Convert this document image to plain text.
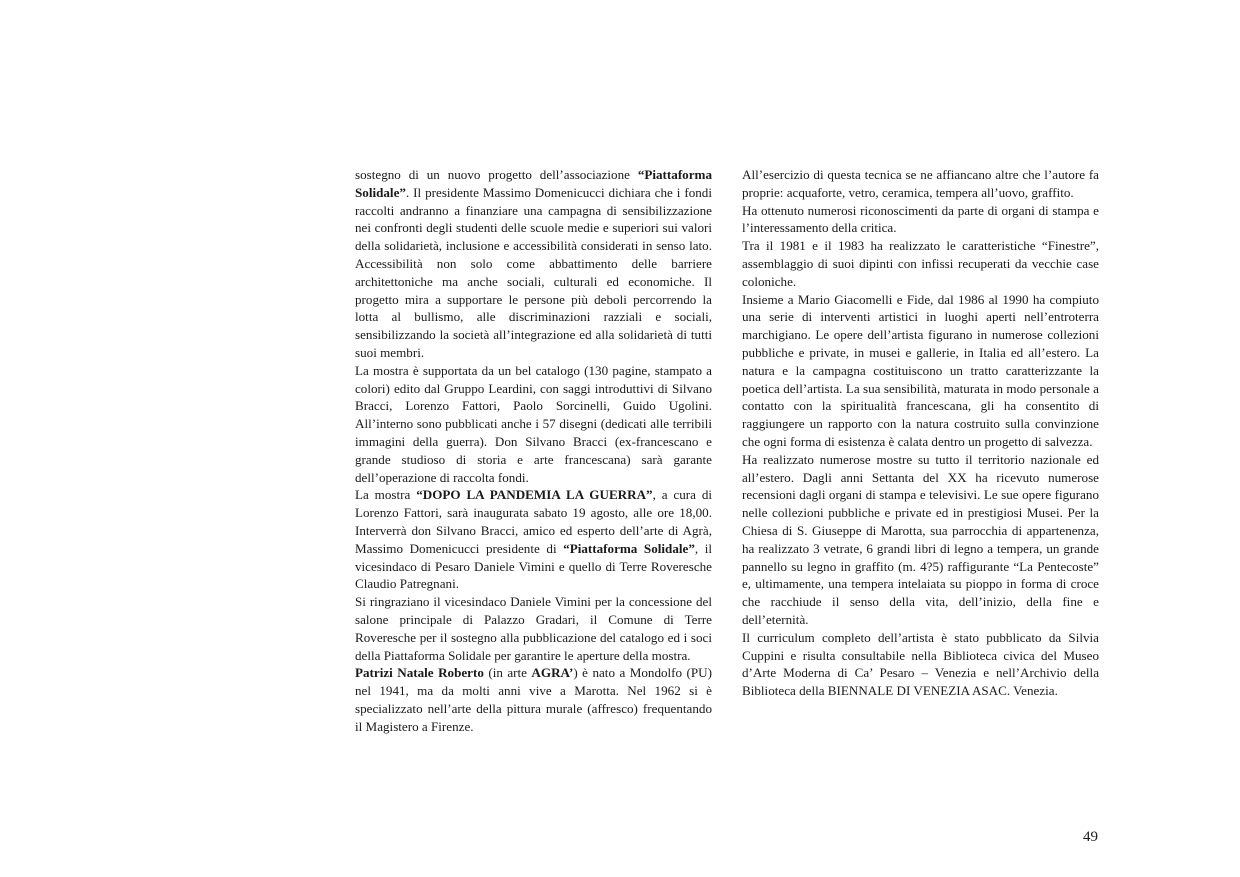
sostegno di un nuovo progetto dell’associazione “Piattaforma Solidale”. Il presidente Massimo Domenicucci dichiara che i fondi raccolti andranno a finanziare una campagna di sensibilizzazione nei confronti degli studenti delle scuole medie e superiori sui valori della solidarietà, inclusione e accessibilità considerati in senso lato. Accessibilità non solo come abbattimento delle barriere architettoniche ma anche sociali, culturali ed economiche. Il progetto mira a supportare le persone più deboli percorrendo la lotta al bullismo, alle discriminazioni razziali e sociali, sensibilizzando la società all’integrazione ed alla solidarietà di tutti suoi membri.

La mostra è supportata da un bel catalogo (130 pagine, stampato a colori) edito dal Gruppo Leardini, con saggi introduttivi di Silvano Bracci, Lorenzo Fattori, Paolo Sorcinelli, Guido Ugolini. All’interno sono pubblicati anche i 57 disegni (dedicati alle terribili immagini della guerra). Don Silvano Bracci (ex-francescano e grande studioso di storia e arte francescana) sarà garante dell’operazione di raccolta fondi.

La mostra “DOPO LA PANDEMIA LA GUERRA”, a cura di Lorenzo Fattori, sarà inaugurata sabato 19 agosto, alle ore 18,00. Interverrà don Silvano Bracci, amico ed esperto dell’arte di Agrà, Massimo Domenicucci presidente di “Piattaforma Solidale”, il vicesindaco di Pesaro Daniele Vimini e quello di Terre Roveresche Claudio Patregnani.

Si ringraziano il vicesindaco Daniele Vimini per la concessione del salone principale di Palazzo Gradari, il Comune di Terre Roveresche per il sostegno alla pubblicazione del catalogo ed i soci della Piattaforma Solidale per garantire le aperture della mostra.

Patrizi Natale Roberto (in arte AGRA’) è nato a Mondolfo (PU) nel 1941, ma da molti anni vive a Marotta. Nel 1962 si è specializzato nell’arte della pittura murale (affresco) frequentando il Magistero a Firenze.

All’esercizio di questa tecnica se ne affiancano altre che l’autore fa proprie: acquaforte, vetro, ceramica, tempera all’uovo, graffito.

Ha ottenuto numerosi riconoscimenti da parte di organi di stampa e l’interessamento della critica.

Tra il 1981 e il 1983 ha realizzato le caratteristiche “Finestre”, assemblaggio di suoi dipinti con infissi recuperati da vecchie case coloniche.

Insieme a Mario Giacomelli e Fide, dal 1986 al 1990 ha compiuto una serie di interventi artistici in luoghi aperti nell’entroterra marchigiano. Le opere dell’artista figurano in numerose collezioni pubbliche e private, in musei e gallerie, in Italia ed all’estero. La natura e la campagna costituiscono un tratto caratterizzante la poetica dell’artista. La sua sensibilità, maturata in modo personale a contatto con la spiritualità francescana, gli ha consentito di raggiungere un rapporto con la natura costruito sulla convinzione che ogni forma di esistenza è calata dentro un progetto di salvezza.

Ha realizzato numerose mostre su tutto il territorio nazionale ed all’estero. Dagli anni Settanta del XX ha ricevuto numerose recensioni dagli organi di stampa e televisivi. Le sue opere figurano nelle collezioni pubbliche e private ed in prestigiosi Musei. Per la Chiesa di S. Giuseppe di Marotta, sua parrocchia di appartenenza, ha realizzato 3 vetrate, 6 grandi libri di legno a tempera, un grande pannello su legno in graffito (m. 4?5) raffigurante “La Pentecoste” e, ultimamente, una tempera intelaiata su pioppo in forma di croce che racchiude il senso della vita, dell’inizio, della fine e dell’eternità.

Il curriculum completo dell’artista è stato pubblicato da Silvia Cuppini e risulta consultabile nella Biblioteca civica del Museo d’Arte Moderna di Ca’ Pesaro – Venezia e nell’Archivio della Biblioteca della BIENNALE DI VENEZIA ASAC. Venezia.

49
